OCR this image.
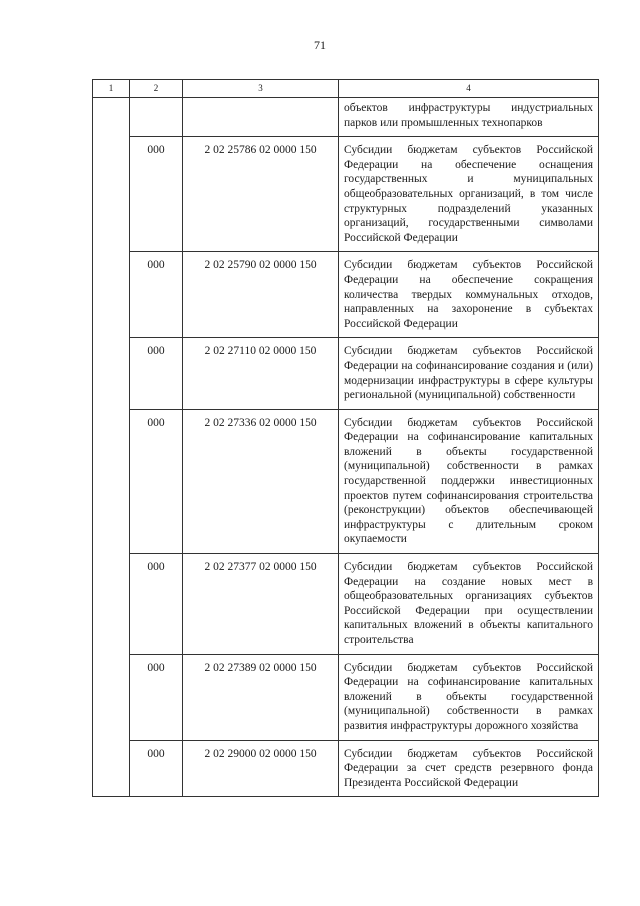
71
1	2	3	4
			объектов инфраструктуры индустриальных парков или промышленных технопарков
	000	2 02 25786 02 0000 150	Субсидии бюджетам субъектов Российской Федерации на обеспечение оснащения государственных и муниципальных общеобразовательных организаций, в том числе структурных подразделений указанных организаций, государственными символами Российской Федерации
	000	2 02 25790 02 0000 150	Субсидии бюджетам субъектов Российской Федерации на обеспечение сокращения количества твердых коммунальных отходов, направленных на захоронение в субъектах Российской Федерации
	000	2 02 27110 02 0000 150	Субсидии бюджетам субъектов Российской Федерации на софинансирование создания и (или) модернизации инфраструктуры в сфере культуры региональной (муниципальной) собственности
	000	2 02 27336 02 0000 150	Субсидии бюджетам субъектов Российской Федерации на софинансирование капитальных вложений в объекты государственной (муниципальной) собственности в рамках государственной поддержки инвестиционных проектов путем софинансирования строительства (реконструкции) объектов обеспечивающей инфраструктуры с длительным сроком окупаемости
	000	2 02 27377 02 0000 150	Субсидии бюджетам субъектов Российской Федерации на создание новых мест в общеобразовательных организациях субъектов Российской Федерации при осуществлении капитальных вложений в объекты капитального строительства
	000	2 02 27389 02 0000 150	Субсидии бюджетам субъектов Российской Федерации на софинансирование капитальных вложений в объекты государственной (муниципальной) собственности в рамках развития инфраструктуры дорожного хозяйства
	000	2 02 29000 02 0000 150	Субсидии бюджетам субъектов Российской Федерации за счет средств резервного фонда Президента Российской Федерации
